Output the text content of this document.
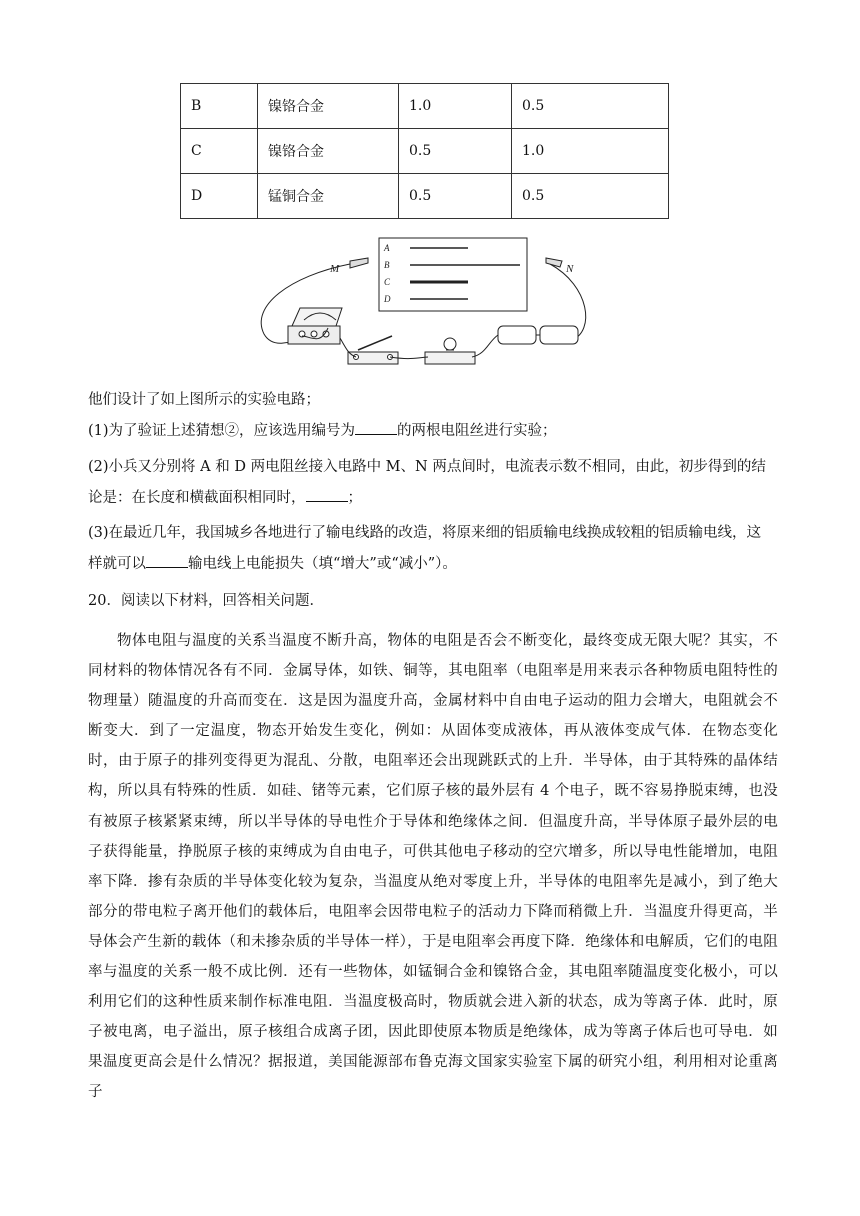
B	镍铬合金	1.0	0.5
C	镍铬合金	0.5	1.0
D	锰铜合金	0.5	0.5
A
B
C
D
M	N
他们设计了如上图所示的实验电路；
(1)为了验证上述猜想②，应该选用编号为	的两根电阻丝进行实验；
(2)小兵又分别将 A 和 D 两电阻丝接入电路中 M、N 两点间时，电流表示数不相同，由此，初步得到的结
论是：在长度和横截面积相同时，	；
(3)在最近几年，我国城乡各地进行了输电线路的改造，将原来细的铝质输电线换成较粗的铝质输电线，这
样就可以	输电线上电能损失（填“增大”或“减小”）。
20．阅读以下材料，回答相关问题．
物体电阻与温度的关系当温度不断升高，物体的电阻是否会不断变化，最终变成无限大呢？其实，不同材料的物体情况各有不同．金属导体，如铁、铜等，其电阻率（电阻率是用来表示各种物质电阻特性的物理量）随温度的升高而变在．这是因为温度升高，金属材料中自由电子运动的阻力会增大，电阻就会不断变大．到了一定温度，物态开始发生变化，例如：从固体变成液体，再从液体变成气体．在物态变化时，由于原子的排列变得更为混乱、分散，电阻率还会出现跳跃式的上升．半导体，由于其特殊的晶体结构，所以具有特殊的性质．如硅、锗等元素，它们原子核的最外层有 4 个电子，既不容易挣脱束缚，也没有被原子核紧紧束缚，所以半导体的导电性介于导体和绝缘体之间．但温度升高，半导体原子最外层的电子获得能量，挣脱原子核的束缚成为自由电子，可供其他电子移动的空穴增多，所以导电性能增加，电阻率下降．掺有杂质的半导体变化较为复杂，当温度从绝对零度上升，半导体的电阻率先是减小，到了绝大部分的带电粒子离开他们的载体后，电阻率会因带电粒子的活动力下降而稍微上升．当温度升得更高，半导体会产生新的载体（和未掺杂质的半导体一样），于是电阻率会再度下降．绝缘体和电解质，它们的电阻率与温度的关系一般不成比例．还有一些物体，如锰铜合金和镍铬合金，其电阻率随温度变化极小，可以利用它们的这种性质来制作标准电阻．当温度极高时，物质就会进入新的状态，成为等离子体．此时，原子被电离，电子溢出，原子核组合成离子团，因此即使原本物质是绝缘体，成为等离子体后也可导电．如果温度更高会是什么情况？据报道，美国能源部布鲁克海文国家实验室下属的研究小组，利用相对论重离子
